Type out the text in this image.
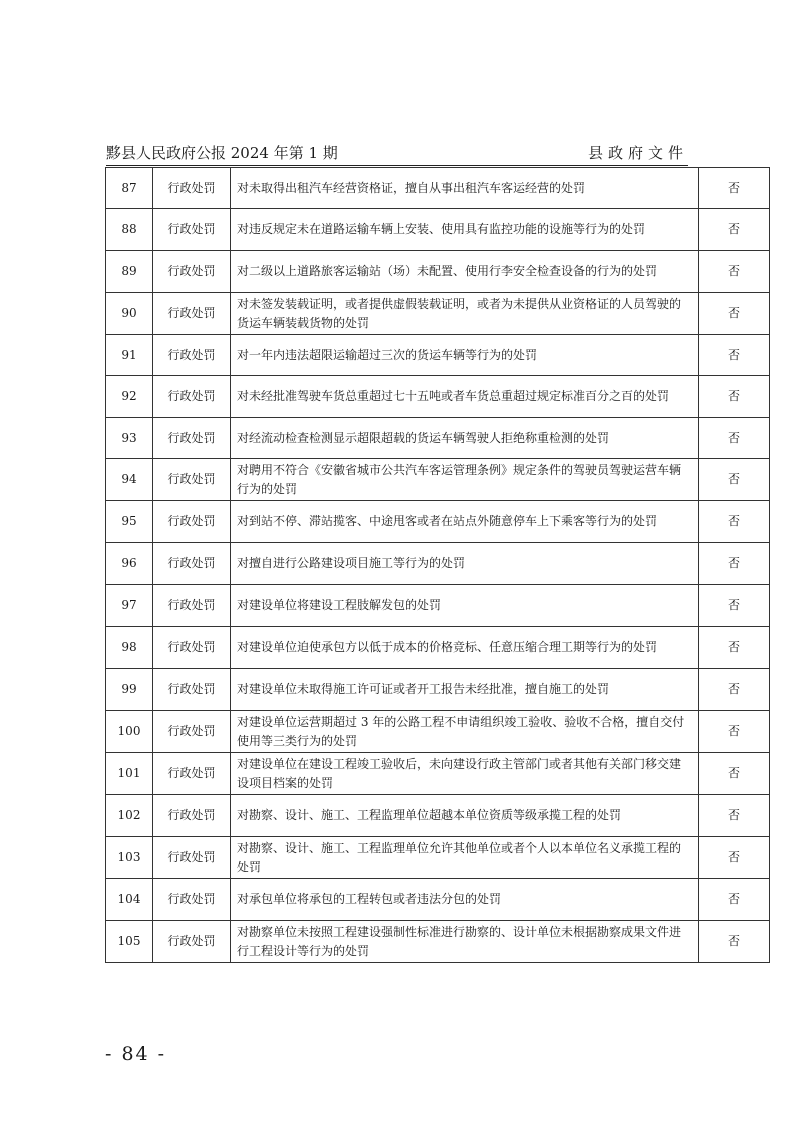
黟县人民政府公报 2024 年第 1 期	县政府文件
87	行政处罚	对未取得出租汽车经营资格证，擅自从事出租汽车客运经营的处罚	否
88	行政处罚	对违反规定未在道路运输车辆上安装、使用具有监控功能的设施等行为的处罚	否
89	行政处罚	对二级以上道路旅客运输站（场）未配置、使用行李安全检查设备的行为的处罚	否
90	行政处罚	对未签发装载证明，或者提供虚假装载证明，或者为未提供从业资格证的人员驾驶的货运车辆装载货物的处罚	否
91	行政处罚	对一年内违法超限运输超过三次的货运车辆等行为的处罚	否
92	行政处罚	对未经批准驾驶车货总重超过七十五吨或者车货总重超过规定标准百分之百的处罚	否
93	行政处罚	对经流动检查检测显示超限超载的货运车辆驾驶人拒绝称重检测的处罚	否
94	行政处罚	对聘用不符合《安徽省城市公共汽车客运管理条例》规定条件的驾驶员驾驶运营车辆行为的处罚	否
95	行政处罚	对到站不停、滞站揽客、中途甩客或者在站点外随意停车上下乘客等行为的处罚	否
96	行政处罚	对擅自进行公路建设项目施工等行为的处罚	否
97	行政处罚	对建设单位将建设工程肢解发包的处罚	否
98	行政处罚	对建设单位迫使承包方以低于成本的价格竞标、任意压缩合理工期等行为的处罚	否
99	行政处罚	对建设单位未取得施工许可证或者开工报告未经批准，擅自施工的处罚	否
100	行政处罚	对建设单位运营期超过 3 年的公路工程不申请组织竣工验收、验收不合格，擅自交付使用等三类行为的处罚	否
101	行政处罚	对建设单位在建设工程竣工验收后，未向建设行政主管部门或者其他有关部门移交建设项目档案的处罚	否
102	行政处罚	对勘察、设计、施工、工程监理单位超越本单位资质等级承揽工程的处罚	否
103	行政处罚	对勘察、设计、施工、工程监理单位允许其他单位或者个人以本单位名义承揽工程的处罚	否
104	行政处罚	对承包单位将承包的工程转包或者违法分包的处罚	否
105	行政处罚	对勘察单位未按照工程建设强制性标准进行勘察的、设计单位未根据勘察成果文件进行工程设计等行为的处罚	否
- 84 -
